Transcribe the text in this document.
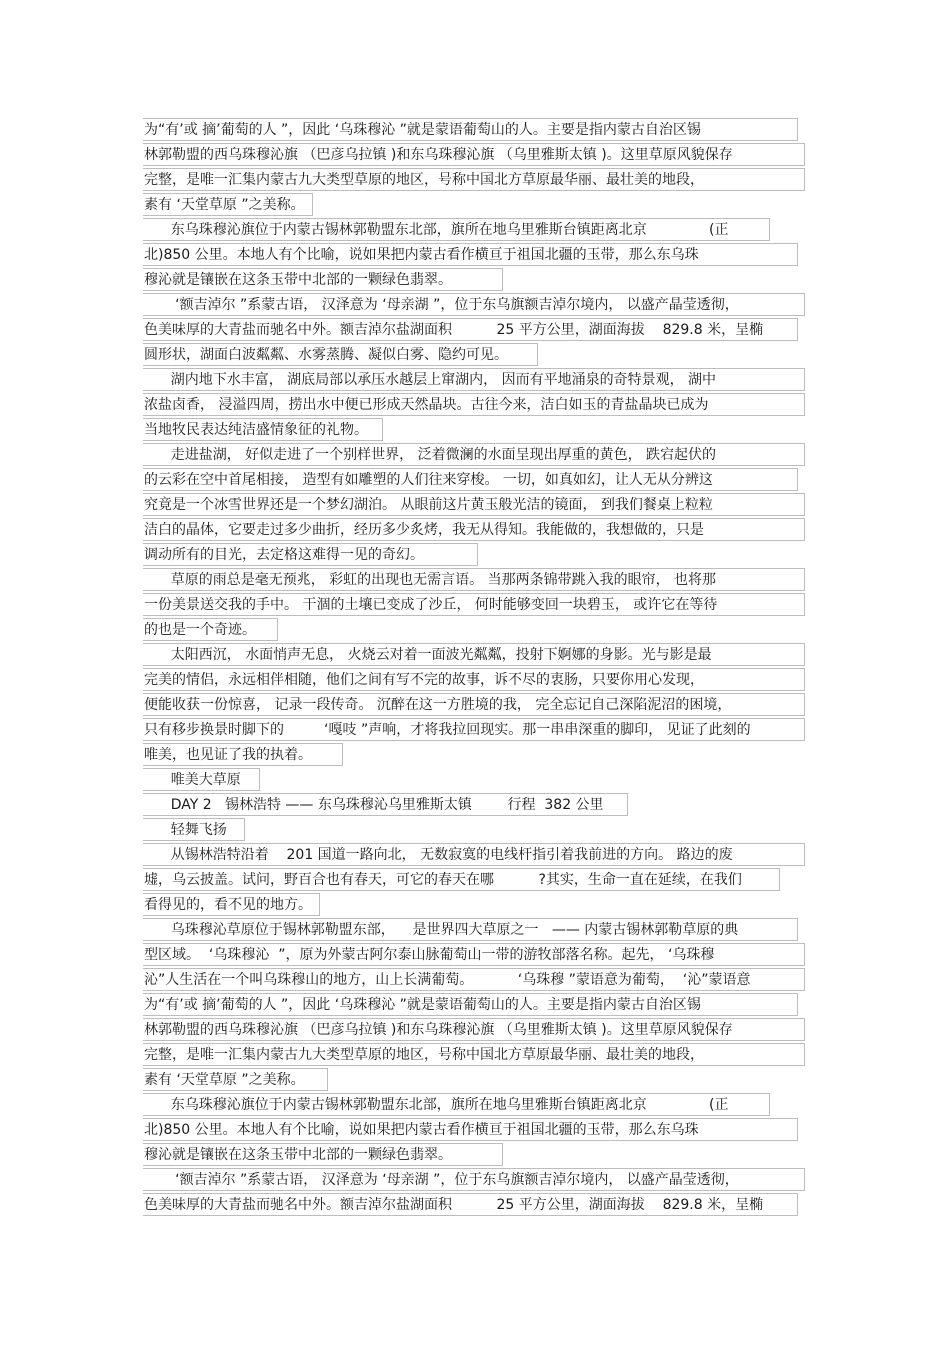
为“有’或 摘’葡萄的人 ”，因此 ‘乌珠穆沁 ”就是蒙语葡萄山的人。主要是指内蒙古自治区锡
林郭勒盟的西乌珠穆沁旗 （巴彦乌拉镇 )和东乌珠穆沁旗 （乌里雅斯太镇 )。这里草原风貌保存
完整，是唯一汇集内蒙古九大类型草原的地区，号称中国北方草原最华丽、最壮美的地段，
素有 ‘天堂草原 ”之美称。
东乌珠穆沁旗位于内蒙古锡林郭勒盟东北部，旗所在地乌里雅斯台镇距离北京              (正
北)850 公里。本地人有个比喻，说如果把内蒙古看作横亘于祖国北疆的玉带，那么东乌珠
穆沁就是镶嵌在这条玉带中北部的一颗绿色翡翠。
‘额吉淖尔 ”系蒙古语， 汉泽意为 ‘母亲湖 ”，位于东乌旗额吉淖尔境内， 以盛产晶莹透彻，
色美味厚的大青盐而驰名中外。额吉淖尔盐湖面积          25 平方公里，湖面海拔    829.8 米，呈椭
圆形状，湖面白波粼粼、水雾蒸腾、凝似白雾、隐约可见。
湖内地下水丰富， 湖底局部以承压水越层上窜湖内， 因而有平地涌泉的奇特景观， 湖中
浓盐卤香， 浸溢四周，捞出水中便已形成天然晶块。古往今来，洁白如玉的青盐晶块已成为
当地牧民表达纯洁盛情象征的礼物。
走进盐湖， 好似走进了一个别样世界， 泛着微澜的水面呈现出厚重的黄色， 跌宕起伏的
的云彩在空中首尾相接， 造型有如雕塑的人们往来穿梭。 一切，如真如幻，让人无从分辨这
究竟是一个冰雪世界还是一个梦幻湖泊。 从眼前这片黄玉般光洁的镜面， 到我们餐桌上粒粒
洁白的晶体，它要走过多少曲折，经历多少炙烤，我无从得知。我能做的，我想做的，只是
调动所有的目光，去定格这难得一见的奇幻。
草原的雨总是毫无预兆， 彩虹的出现也无需言语。 当那两条锦带跳入我的眼帘， 也将那
一份美景送交我的手中。 干涸的土壤已变成了沙丘， 何时能够变回一块碧玉， 或许它在等待
的也是一个奇迹。
太阳西沉， 水面悄声无息， 火烧云对着一面波光粼粼，投射下婀娜的身影。光与影是最
完美的情侣，永远相伴相随，他们之间有写不完的故事，诉不尽的衷肠，只要你用心发现，
便能收获一份惊喜， 记录一段传奇。 沉醉在这一方胜境的我， 完全忘记自己深陷泥沼的困境，
只有移步换景时脚下的         ‘嘎吱 ”声响，才将我拉回现实。那一串串深重的脚印， 见证了此刻的
唯美，也见证了我的执着。
唯美大草原
DAY 2   锡林浩特 —— 东乌珠穆沁乌里雅斯太镇        行程  382 公里
轻舞飞扬
从锡林浩特沿着    201 国道一路向北， 无数寂寞的电线杆指引着我前进的方向。 路边的废
墟，乌云披盖。试问，野百合也有春天，可它的春天在哪          ?其实，生命一直在延续，在我们
看得见的，看不见的地方。
乌珠穆沁草原位于锡林郭勒盟东部，    是世界四大草原之一   —— 内蒙古锡林郭勒草原的典
型区域。  ‘乌珠穆沁  ”，原为外蒙古阿尔泰山脉葡萄山一带的游牧部落名称。起先， ‘乌珠穆
沁”人生活在一个叫乌珠穆山的地方，山上长满葡萄。          ‘乌珠穆 ”蒙语意为葡萄，  ‘沁”蒙语意
为“有’或 摘’葡萄的人 ”，因此 ‘乌珠穆沁 ”就是蒙语葡萄山的人。主要是指内蒙古自治区锡
林郭勒盟的西乌珠穆沁旗 （巴彦乌拉镇 )和东乌珠穆沁旗 （乌里雅斯太镇 )。这里草原风貌保存
完整，是唯一汇集内蒙古九大类型草原的地区，号称中国北方草原最华丽、最壮美的地段，
素有 ‘天堂草原 ”之美称。
东乌珠穆沁旗位于内蒙古锡林郭勒盟东北部，旗所在地乌里雅斯台镇距离北京              (正
北)850 公里。本地人有个比喻，说如果把内蒙古看作横亘于祖国北疆的玉带，那么东乌珠
穆沁就是镶嵌在这条玉带中北部的一颗绿色翡翠。
‘额吉淖尔 ”系蒙古语， 汉泽意为 ‘母亲湖 ”，位于东乌旗额吉淖尔境内， 以盛产晶莹透彻，
色美味厚的大青盐而驰名中外。额吉淖尔盐湖面积          25 平方公里，湖面海拔    829.8 米，呈椭
